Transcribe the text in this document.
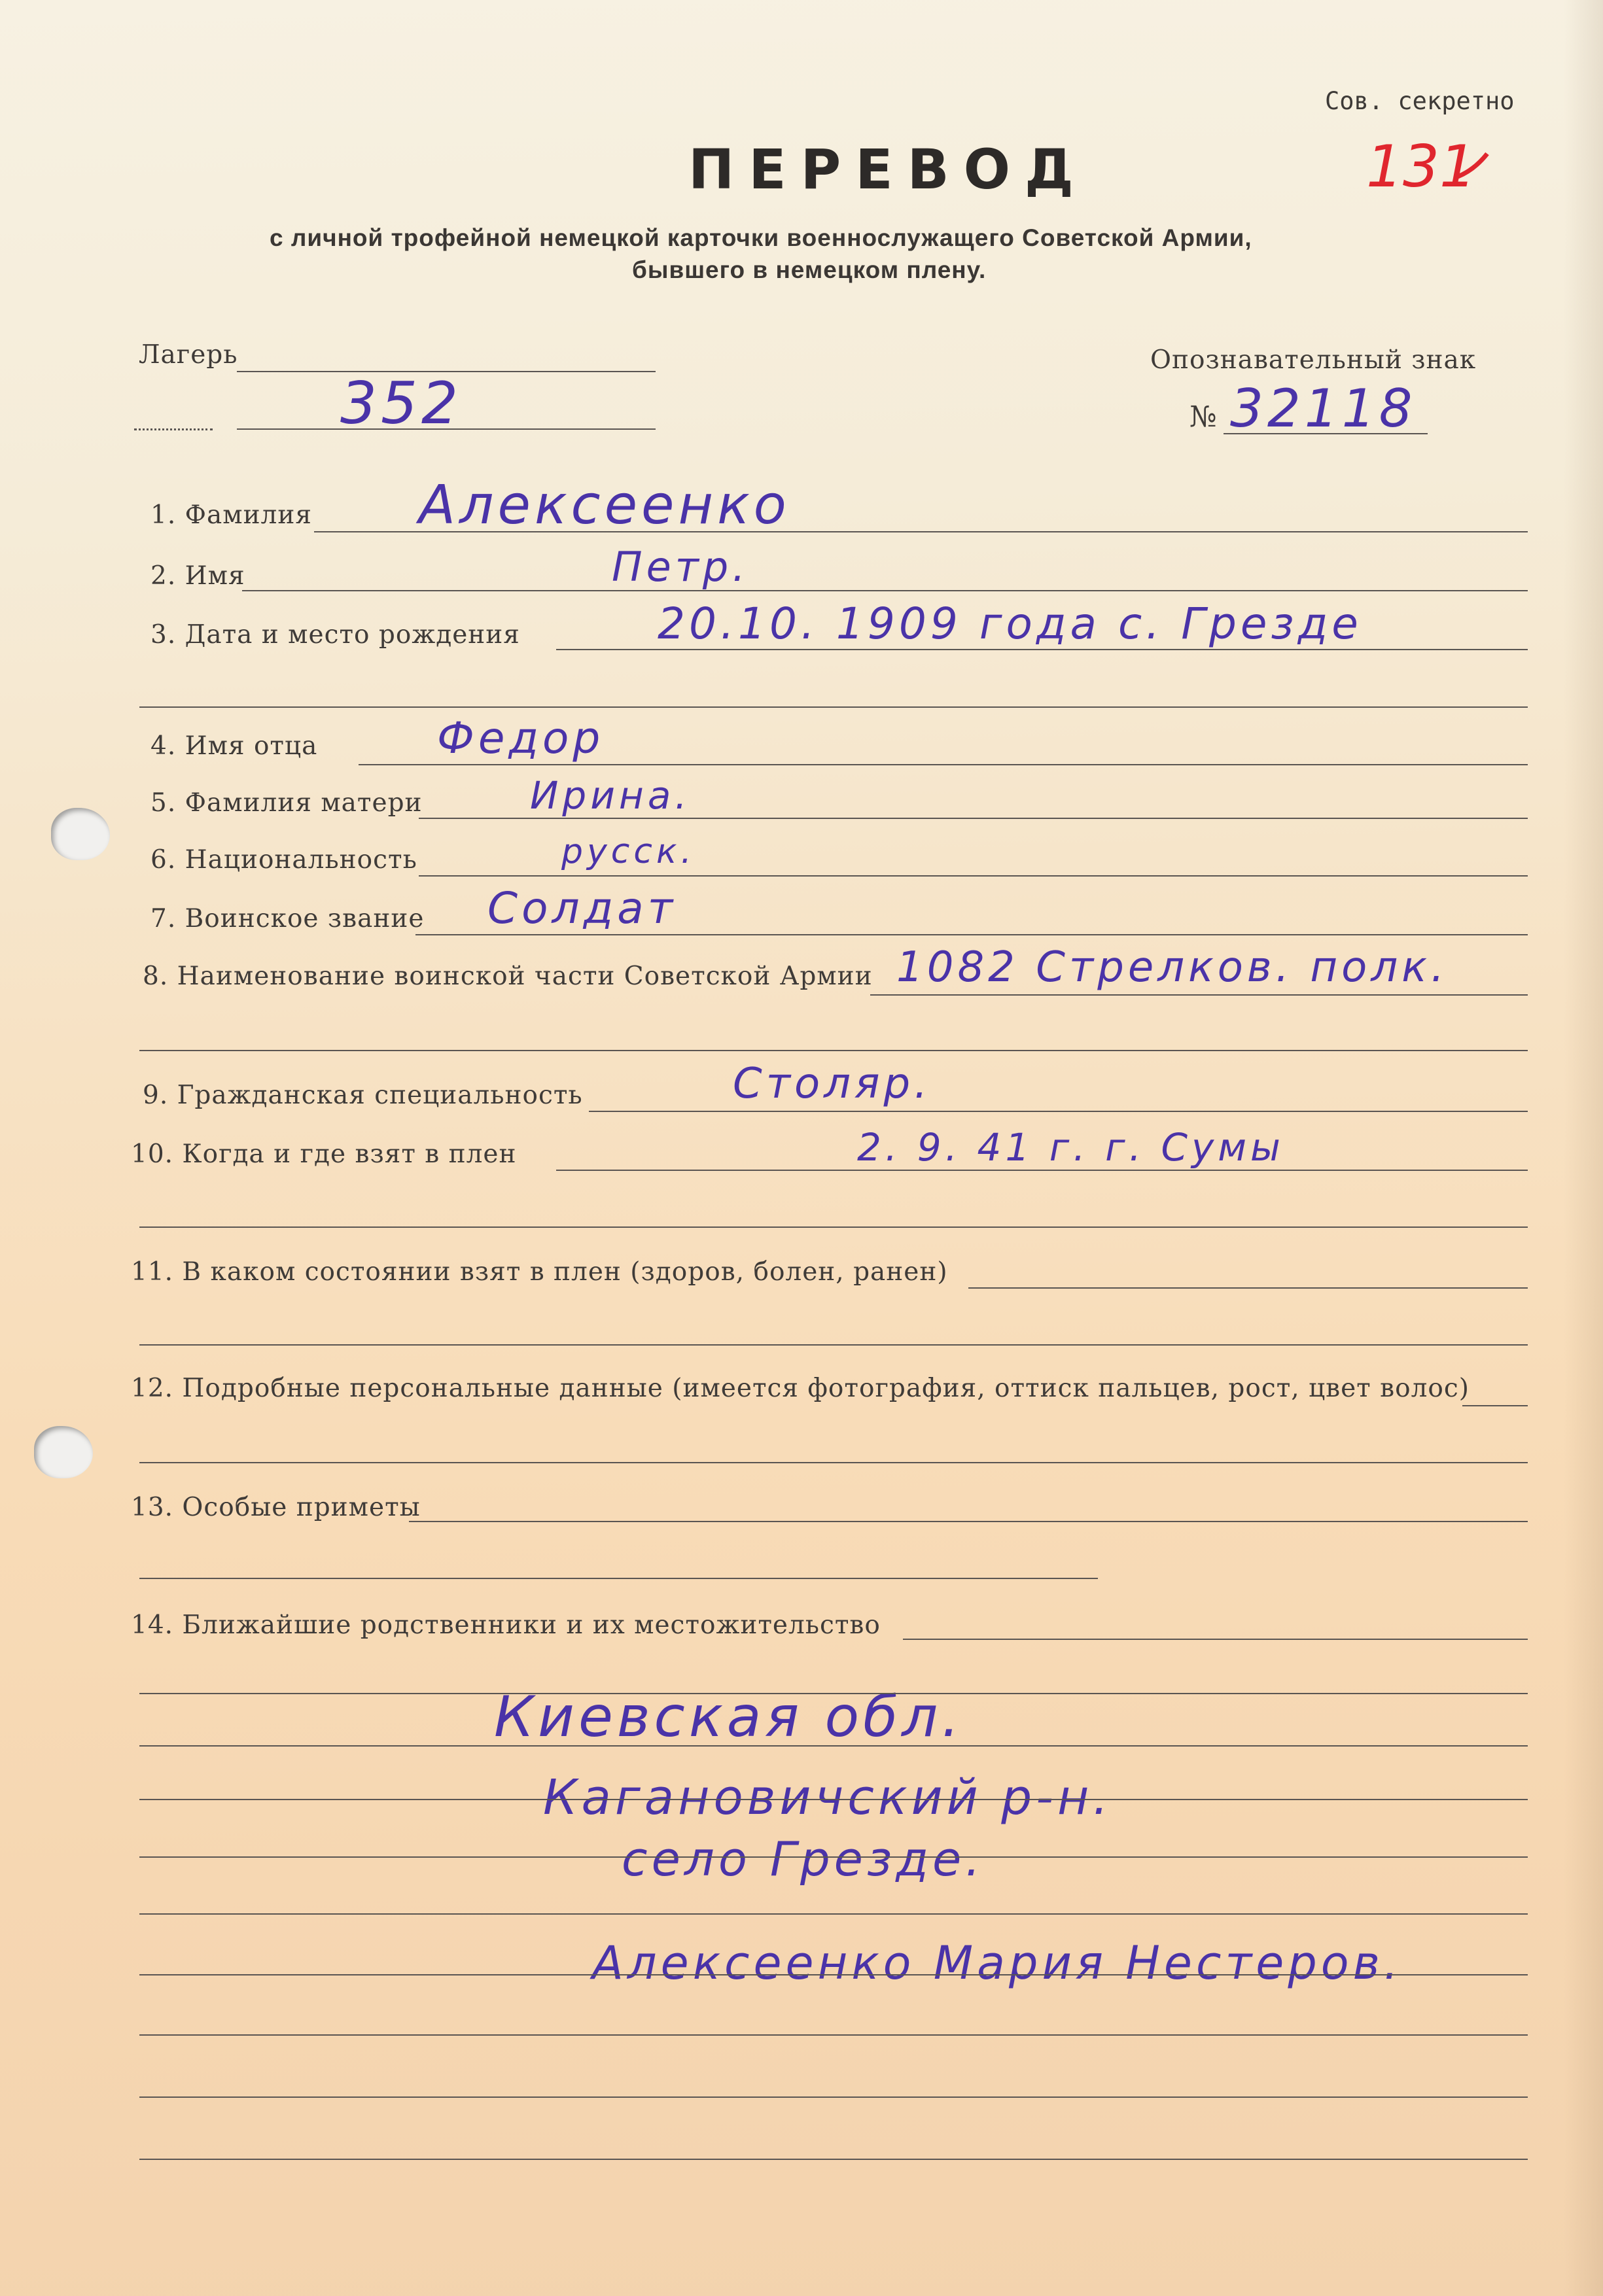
Сов. секретно
131
ПЕРЕВОД
с личной трофейной немецкой карточки военнослужащего Советской Армии,
бывшего в немецком плену.
Лагерь
352
Опознавательный знак
№ 32118
1. Фамилия Алексеенко
2. Имя	Петр.
3. Дата и место рождения	20.10. 1909 года с. Грезде
4. Имя отца	Федор
5. Фамилия матери	Ирина.
6. Национальность	русск.
7. Воинское звание Солдат
8. Наименование воинской части Советской Армии 1082 Стрелков. полк.
9. Гражданская специальность	Столяр.
10. Когда и где взят в плен	2. 9. 41 г. г. Сумы
11. В каком состоянии взят в плен (здоров, болен, ранен)
12. Подробные персональные данные (имеется фотография, оттиск пальцев, рост, цвет волос)
13. Особые приметы
14. Ближайшие родственники и их местожительство
Киевская обл.
Кагановичский р-н.
село Грезде.
Алексеенко Мария Нестеров.
